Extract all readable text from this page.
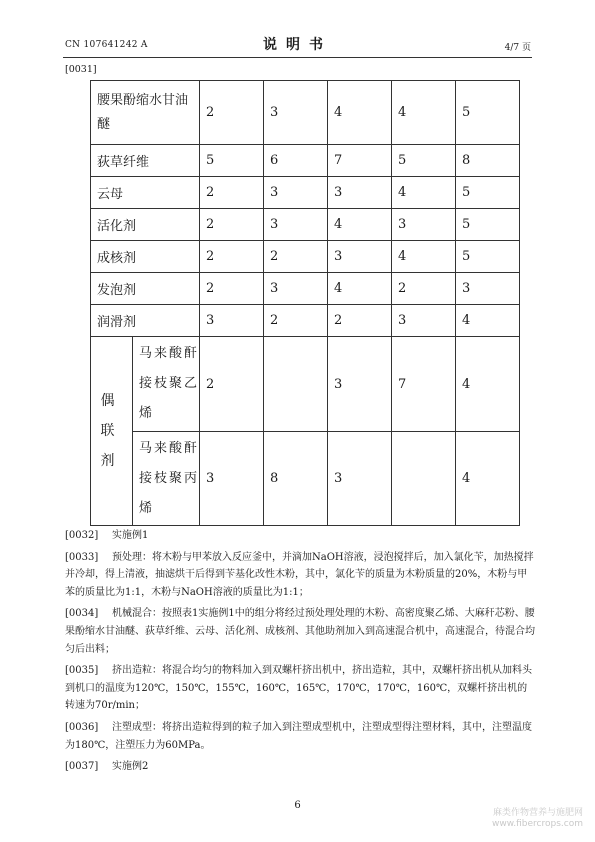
CN 107641242 A	说明书	4/7 页
[0031]
腰果酚缩水甘油醚		2	3	4	4	5
荻草纤维		5	6	7	5	8
云母		2	3	3	4	5
活化剂		2	3	4	3	5
成核剂		2	2	3	4	5
发泡剂		2	3	4	2	3
润滑剂		3	2	2	3	4
偶联剂	马来酸酐接枝聚乙烯	2		3	7	4
	马来酸酐接枝聚丙烯	3	8	3		4

[0032] 实施例1

[0033] 预处理：将木粉与甲苯放入反应釜中，并滴加NaOH溶液，浸泡搅拌后，加入氯化苄，加热搅拌并冷却，得上清液，抽滤烘干后得到苄基化改性木粉，其中，氯化苄的质量为木粉质量的20%，木粉与甲苯的质量比为1:1，木粉与NaOH溶液的质量比为1:1；

[0034] 机械混合：按照表1实施例1中的组分将经过预处理处理的木粉、高密度聚乙烯、大麻秆芯粉、腰果酚缩水甘油醚、荻草纤维、云母、活化剂、成核剂、其他助剂加入到高速混合机中，高速混合，待混合均匀后出料；

[0035] 挤出造粒：将混合均匀的物料加入到双螺杆挤出机中，挤出造粒，其中，双螺杆挤出机从加料头到机口的温度为120℃，150℃，155℃，160℃，165℃，170℃，170℃，160℃，双螺杆挤出机的转速为70r/min；

[0036] 注塑成型：将挤出造粒得到的粒子加入到注塑成型机中，注塑成型得注塑材料，其中，注塑温度为180℃，注塑压力为60MPa。

[0037] 实施例2

6
麻类作物营养与施肥网
www.fibercrops.com
